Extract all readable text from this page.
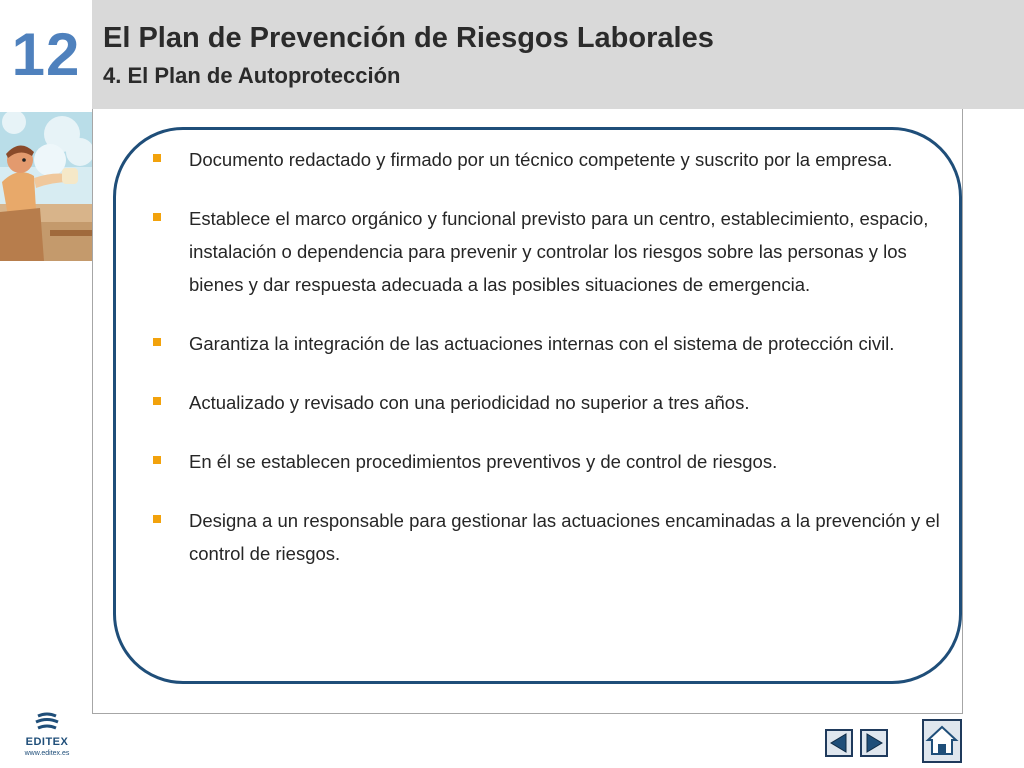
12 El Plan de Prevención de Riesgos Laborales
4. El Plan de Autoprotección
Documento redactado y firmado por un técnico competente y suscrito por la empresa.
Establece el marco orgánico y funcional previsto para un centro, establecimiento, espacio, instalación o dependencia para prevenir y controlar los riesgos sobre las personas y los bienes y dar respuesta adecuada a las posibles situaciones de emergencia.
Garantiza la integración de las actuaciones internas con el sistema de protección civil.
Actualizado y revisado con una periodicidad no superior a tres años.
En él se establecen procedimientos preventivos y de control de riesgos.
Designa a un responsable para gestionar las actuaciones encaminadas a la prevención y el control de riesgos.
EDITEX
www.editex.es
